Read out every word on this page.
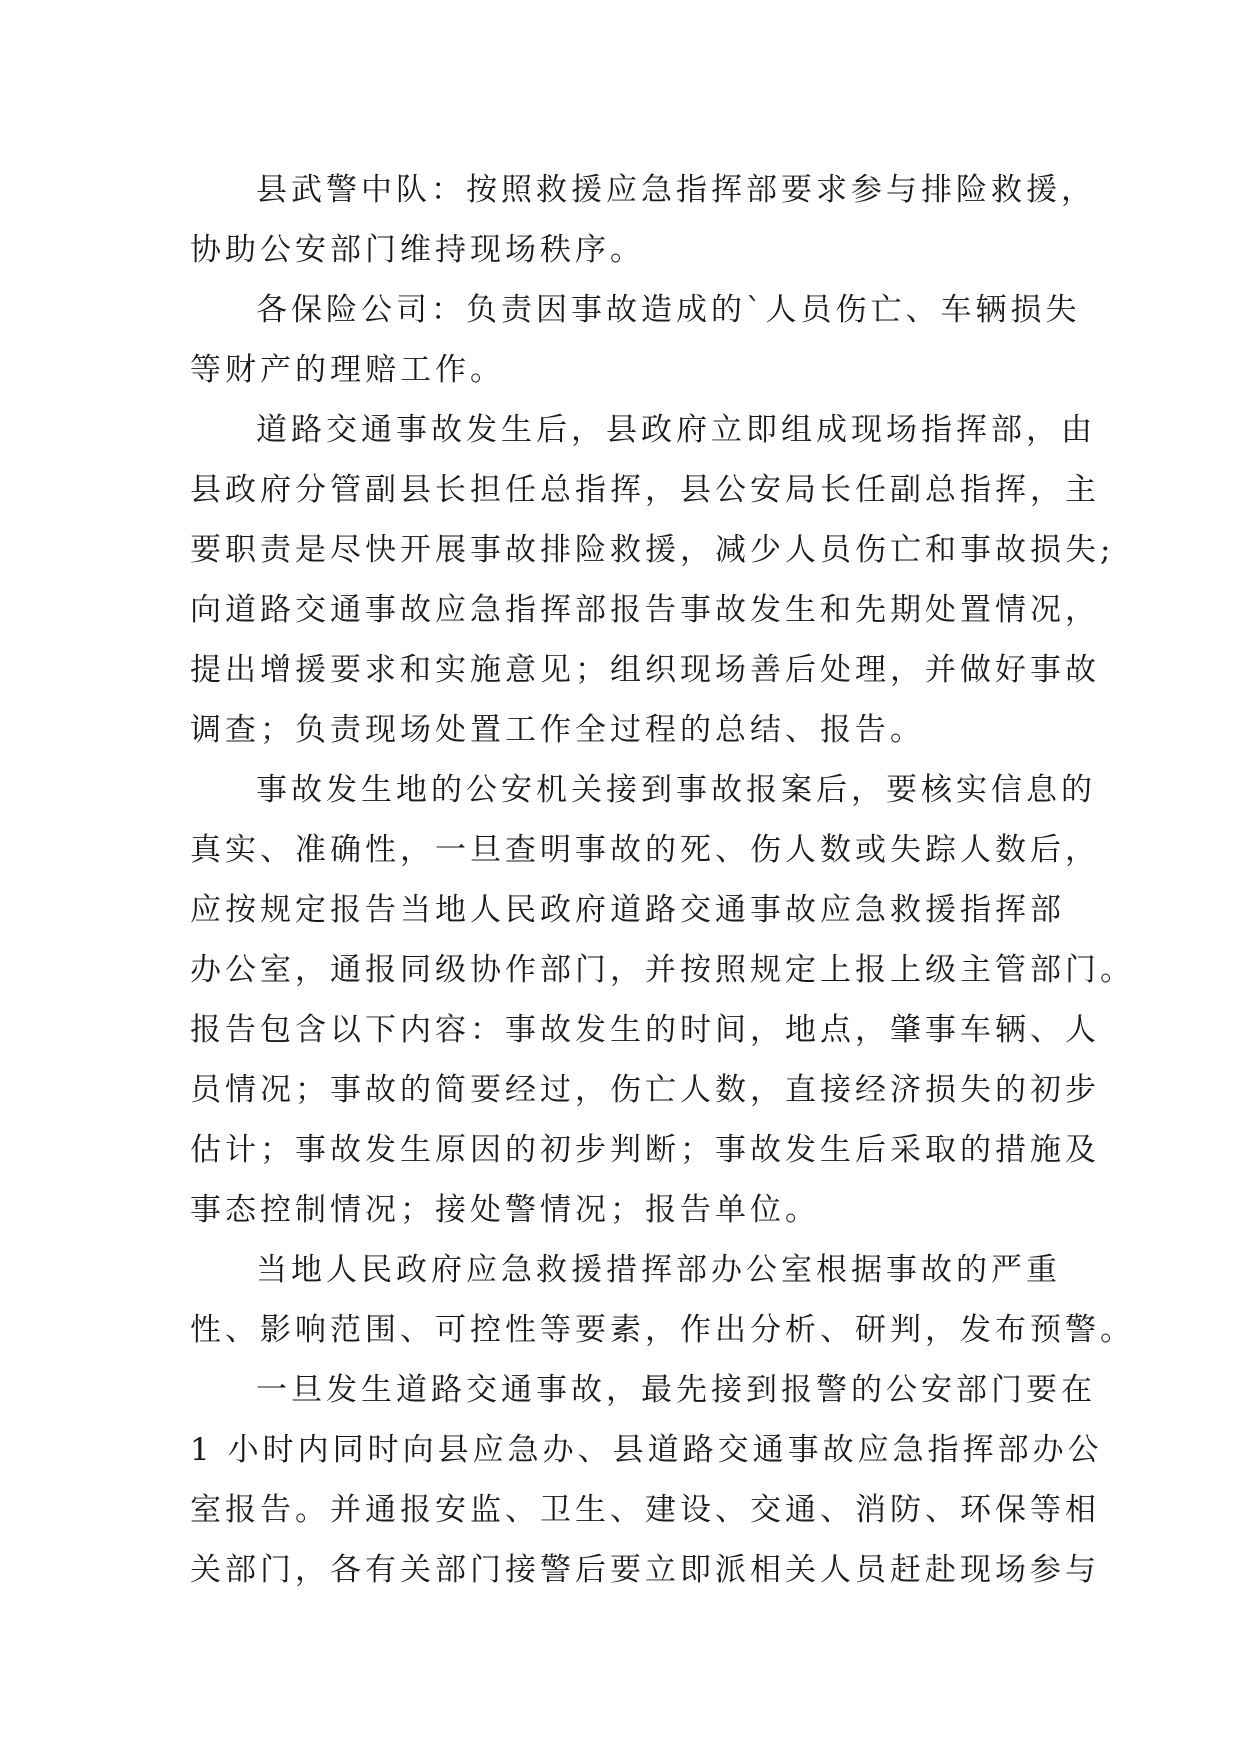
县武警中队：按照救援应急指挥部要求参与排险救援，
协助公安部门维持现场秩序。
各保险公司：负责因事故造成的`人员伤亡、车辆损失
等财产的理赔工作。
道路交通事故发生后，县政府立即组成现场指挥部，由
县政府分管副县长担任总指挥，县公安局长任副总指挥，主
要职责是尽快开展事故排险救援，减少人员伤亡和事故损失;
向道路交通事故应急指挥部报告事故发生和先期处置情况，
提出增援要求和实施意见；组织现场善后处理，并做好事故
调查；负责现场处置工作全过程的总结、报告。
事故发生地的公安机关接到事故报案后，要核实信息的
真实、准确性，一旦查明事故的死、伤人数或失踪人数后，
应按规定报告当地人民政府道路交通事故应急救援指挥部
办公室，通报同级协作部门，并按照规定上报上级主管部门。
报告包含以下内容：事故发生的时间，地点，肇事车辆、人
员情况；事故的简要经过，伤亡人数，直接经济损失的初步
估计；事故发生原因的初步判断；事故发生后采取的措施及
事态控制情况；接处警情况；报告单位。
当地人民政府应急救援措挥部办公室根据事故的严重
性、影响范围、可控性等要素，作出分析、研判，发布预警。
一旦发生道路交通事故，最先接到报警的公安部门要在
1 小时内同时向县应急办、县道路交通事故应急指挥部办公
室报告。并通报安监、卫生、建设、交通、消防、环保等相
关部门，各有关部门接警后要立即派相关人员赶赴现场参与
